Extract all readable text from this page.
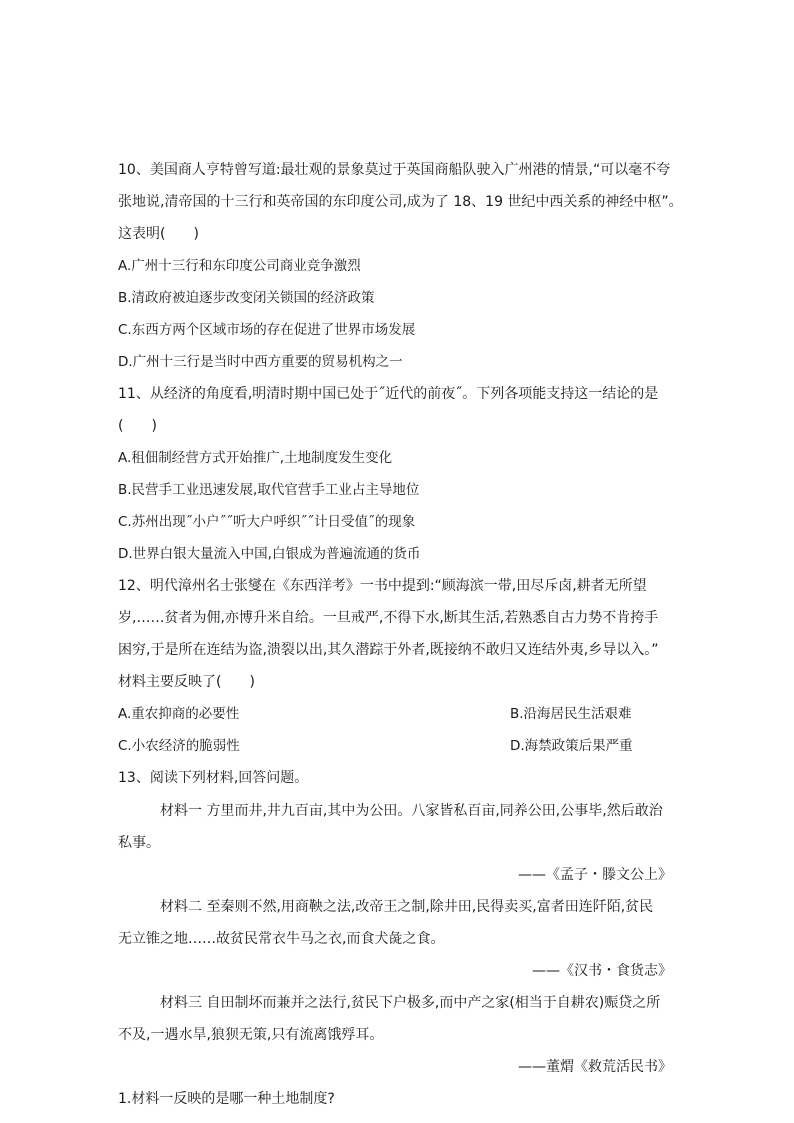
10、美国商人亨特曾写道:最壮观的景象莫过于英国商船队驶入广州港的情景,“可以毫不夸
张地说,清帝国的十三行和英帝国的东印度公司,成为了 18、19 世纪中西关系的神经中枢”。
这表明(　　)
A.广州十三行和东印度公司商业竞争激烈
B.清政府被迫逐步改变闭关锁国的经济政策
C.东西方两个区域市场的存在促进了世界市场发展
D.广州十三行是当时中西方重要的贸易机构之一
11、从经济的角度看,明清时期中国已处于˝近代的前夜˝。下列各项能支持这一结论的是
(　　)
A.租佃制经营方式开始推广,土地制度发生变化
B.民营手工业迅速发展,取代官营手工业占主导地位
C.苏州出现˝小户˝˝听大户呼织˝˝计日受值˝的现象
D.世界白银大量流入中国,白银成为普遍流通的货币
12、明代漳州名士张燮在《东西洋考》一书中提到:“顾海滨一带,田尽斥卤,耕者无所望
岁,……贫者为佣,亦博升米自给。一旦戒严,不得下水,断其生活,若熟悉自古力势不肯挎手
困穷,于是所在连结为盗,溃裂以出,其久潜踪于外者,既接纳不敢归又连结外夷,乡导以入。”
材料主要反映了(　　)
A.重农抑商的必要性	B.沿海居民生活艰难
C.小农经济的脆弱性	D.海禁政策后果严重
13、阅读下列材料,回答问题。
材料一 方里而井,井九百亩,其中为公田。八家皆私百亩,同养公田,公事毕,然后敢治
私事。
——《孟子・滕文公上》
材料二 至秦则不然,用商鞅之法,改帝王之制,除井田,民得卖买,富者田连阡陌,贫民
无立锥之地……故贫民常衣牛马之衣,而食犬彘之食。
——《汉书・食货志》
材料三 自田制坏而兼并之法行,贫民下户极多,而中产之家(相当于自耕农)赈贷之所
不及,一遇水旱,狼狈无策,只有流离饿殍耳。
——董煟《救荒活民书》
1.材料一反映的是哪一种土地制度?
